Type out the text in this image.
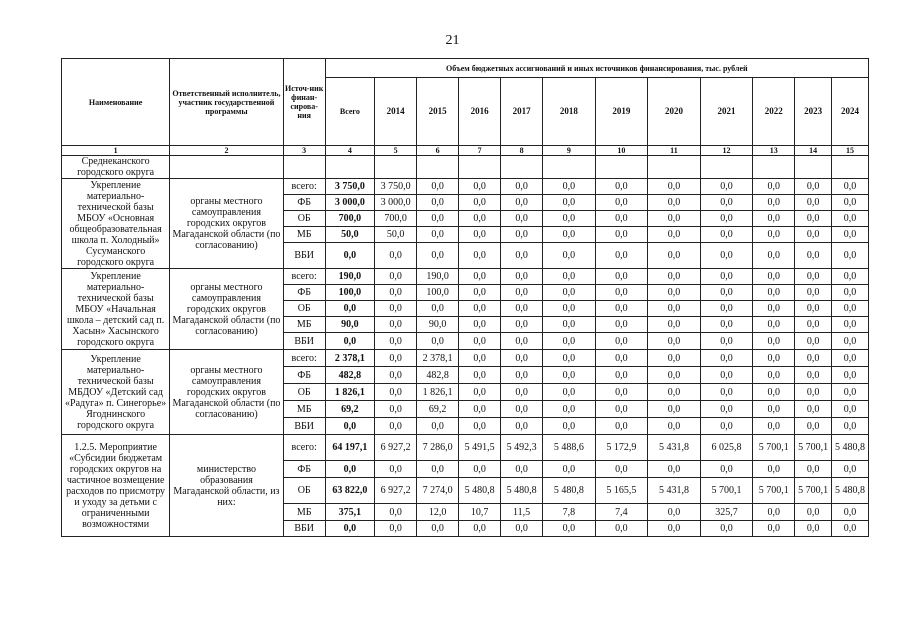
21
Наименование	Ответственный исполнитель, участник государственной программы	Источ-ник финан-сирова-ния	Объем бюджетных ассигнований и иных источников финансирования, тыс. рублей											
			Всего	2014	2015	2016	2017	2018	2019	2020	2021	2022	2023	2024
1	2	3	4	5	6	7	8	9	10	11	12	13	14	15
Среднеканского городского округа														
Укрепление материально-технической базы МБОУ «Основная общеобразовательная школа п. Холодный» Сусуманского городского округа	органы местного самоуправления городских округов Магаданской области (по согласованию)	всего:	3 750,0	3 750,0	0,0	0,0	0,0	0,0	0,0	0,0	0,0	0,0	0,0	0,0
		ФБ	3 000,0	3 000,0	0,0	0,0	0,0	0,0	0,0	0,0	0,0	0,0	0,0	0,0
		ОБ	700,0	700,0	0,0	0,0	0,0	0,0	0,0	0,0	0,0	0,0	0,0	0,0
		МБ	50,0	50,0	0,0	0,0	0,0	0,0	0,0	0,0	0,0	0,0	0,0	0,0
		ВБИ	0,0	0,0	0,0	0,0	0,0	0,0	0,0	0,0	0,0	0,0	0,0	0,0
Укрепление материально-технической базы МБОУ «Начальная школа – детский сад п. Хасын» Хасынского городского округа	органы местного самоуправления городских округов Магаданской области (по согласованию)	всего:	190,0	0,0	190,0	0,0	0,0	0,0	0,0	0,0	0,0	0,0	0,0	0,0
		ФБ	100,0	0,0	100,0	0,0	0,0	0,0	0,0	0,0	0,0	0,0	0,0	0,0
		ОБ	0,0	0,0	0,0	0,0	0,0	0,0	0,0	0,0	0,0	0,0	0,0	0,0
		МБ	90,0	0,0	90,0	0,0	0,0	0,0	0,0	0,0	0,0	0,0	0,0	0,0
		ВБИ	0,0	0,0	0,0	0,0	0,0	0,0	0,0	0,0	0,0	0,0	0,0	0,0
Укрепление материально-технической базы МБДОУ «Детский сад «Радуга» п. Синегорье» Ягоднинского городского округа	органы местного самоуправления городских округов Магаданской области (по согласованию)	всего:	2 378,1	0,0	2 378,1	0,0	0,0	0,0	0,0	0,0	0,0	0,0	0,0	0,0
		ФБ	482,8	0,0	482,8	0,0	0,0	0,0	0,0	0,0	0,0	0,0	0,0	0,0
		ОБ	1 826,1	0,0	1 826,1	0,0	0,0	0,0	0,0	0,0	0,0	0,0	0,0	0,0
		МБ	69,2	0,0	69,2	0,0	0,0	0,0	0,0	0,0	0,0	0,0	0,0	0,0
		ВБИ	0,0	0,0	0,0	0,0	0,0	0,0	0,0	0,0	0,0	0,0	0,0	0,0
1.2.5. Мероприятие «Субсидии бюджетам городских округов на частичное возмещение расходов по присмотру и уходу за детьми с ограниченными возможностями	министерство образования Магаданской области, из них:	всего:	64 197,1	6 927,2	7 286,0	5 491,5	5 492,3	5 488,6	5 172,9	5 431,8	6 025,8	5 700,1	5 700,1	5 480,8
		ФБ	0,0	0,0	0,0	0,0	0,0	0,0	0,0	0,0	0,0	0,0	0,0	0,0
		ОБ	63 822,0	6 927,2	7 274,0	5 480,8	5 480,8	5 480,8	5 165,5	5 431,8	5 700,1	5 700,1	5 700,1	5 480,8
		МБ	375,1	0,0	12,0	10,7	11,5	7,8	7,4	0,0	325,7	0,0	0,0	0,0
		ВБИ	0,0	0,0	0,0	0,0	0,0	0,0	0,0	0,0	0,0	0,0	0,0	0,0
